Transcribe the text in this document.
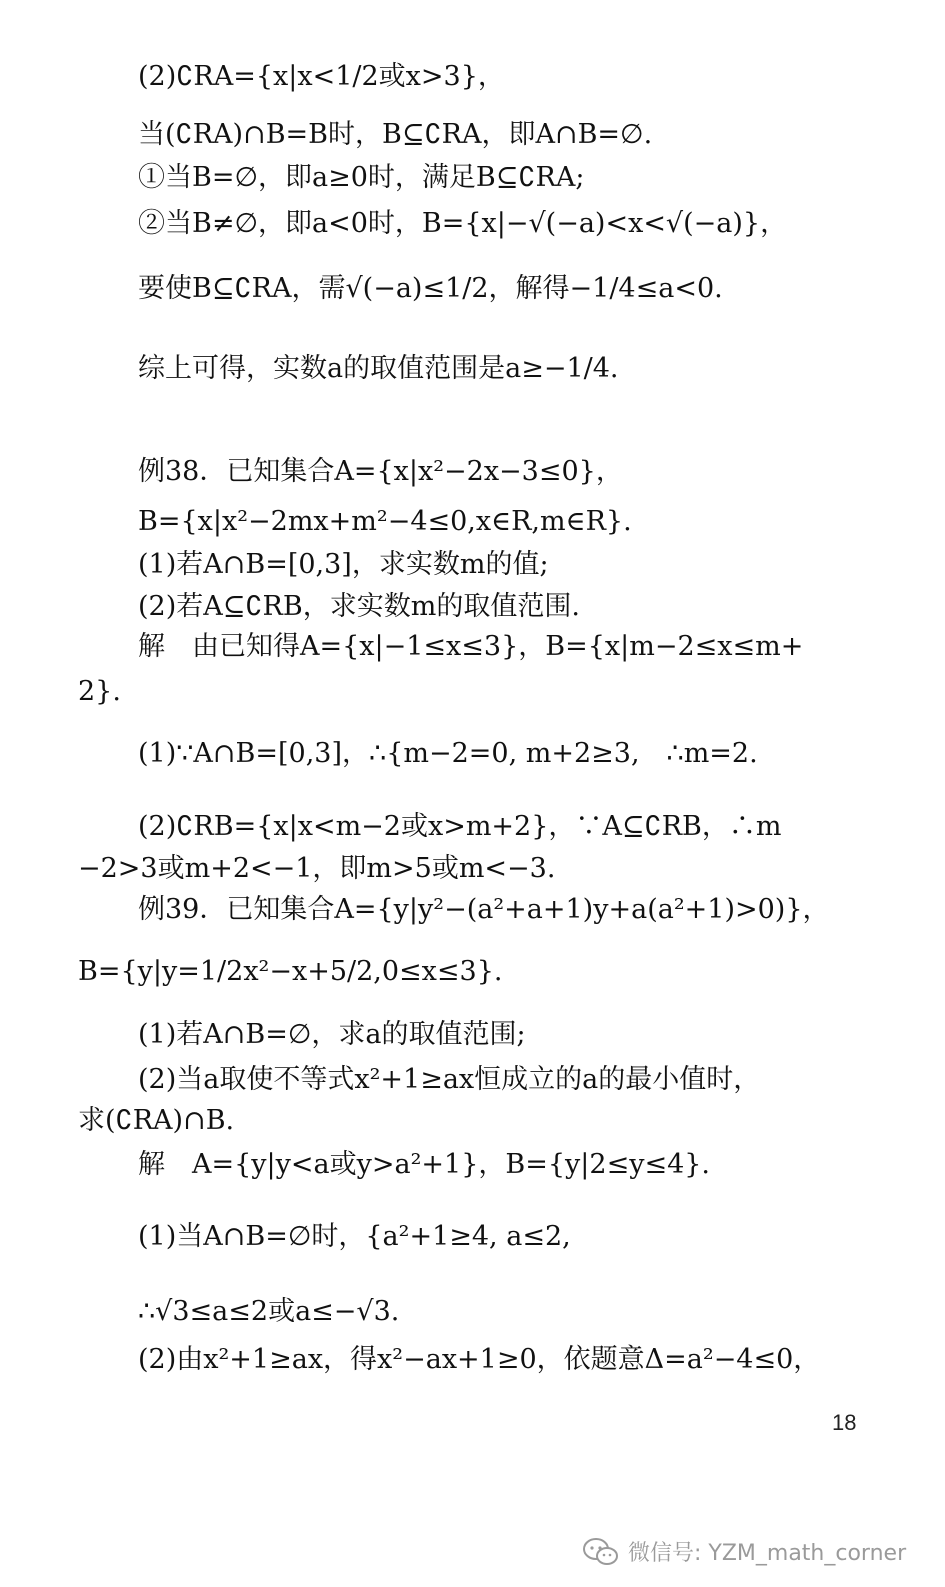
(2)∁RA={x|x<1/2或x>3}，
当(∁RA)∩B=B时，B⊆∁RA，即A∩B=∅.
①当B=∅，即a≥0时，满足B⊆∁RA;
②当B≠∅，即a<0时，B={x|−√(−a)<x<√(−a)}，
要使B⊆∁RA，需√(−a)≤1/2，解得−1/4≤a<0.
综上可得，实数a的取值范围是a≥−1/4.
例38．已知集合A={x|x²−2x−3≤0}，
B={x|x²−2mx+m²−4≤0,x∈R,m∈R}.
(1)若A∩B=[0,3]，求实数m的值;
(2)若A⊆∁RB，求实数m的取值范围.
解　由已知得A={x|−1≤x≤3}，B={x|m−2≤x≤m+
2}.
(1)∵A∩B=[0,3]，∴{m−2=0, m+2≥3,　∴m=2.
(2)∁RB={x|x<m−2或x>m+2}，∵A⊆∁RB，∴m
−2>3或m+2<−1，即m>5或m<−3.
例39．已知集合A={y|y²−(a²+a+1)y+a(a²+1)>0)}，
B={y|y=1/2x²−x+5/2,0≤x≤3}.
(1)若A∩B=∅，求a的取值范围;
(2)当a取使不等式x²+1≥ax恒成立的a的最小值时，
求(∁RA)∩B.
解　A={y|y<a或y>a²+1}，B={y|2≤y≤4}.
(1)当A∩B=∅时，{a²+1≥4, a≤2,
∴√3≤a≤2或a≤−√3.
(2)由x²+1≥ax，得x²−ax+1≥0，依题意Δ=a²−4≤0，
18
微信号: YZM_math_corner
